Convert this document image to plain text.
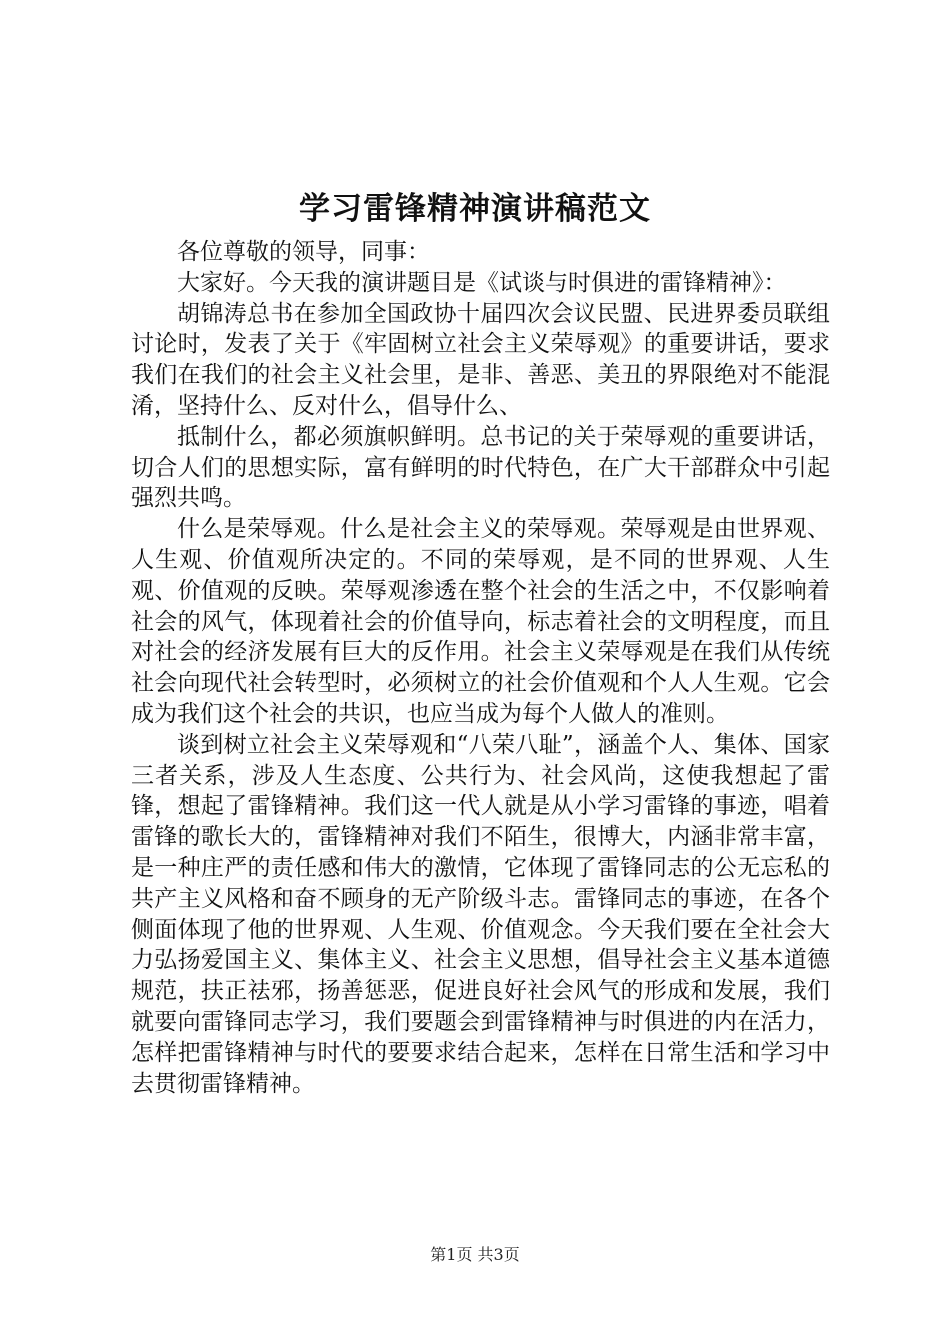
学习雷锋精神演讲稿范文

各位尊敬的领导，同事：

大家好。今天我的演讲题目是《试谈与时俱进的雷锋精神》：

胡锦涛总书在参加全国政协十届四次会议民盟、民进界委员联组讨论时，发表了关于《牢固树立社会主义荣辱观》的重要讲话，要求我们在我们的社会主义社会里，是非、善恶、美丑的界限绝对不能混淆，坚持什么、反对什么，倡导什么、

抵制什么，都必须旗帜鲜明。总书记的关于荣辱观的重要讲话，切合人们的思想实际，富有鲜明的时代特色，在广大干部群众中引起强烈共鸣。

什么是荣辱观。什么是社会主义的荣辱观。荣辱观是由世界观、人生观、价值观所决定的。不同的荣辱观，是不同的世界观、人生观、价值观的反映。荣辱观渗透在整个社会的生活之中，不仅影响着社会的风气，体现着社会的价值导向，标志着社会的文明程度，而且对社会的经济发展有巨大的反作用。社会主义荣辱观是在我们从传统社会向现代社会转型时，必须树立的社会价值观和个人人生观。它会成为我们这个社会的共识，也应当成为每个人做人的准则。

谈到树立社会主义荣辱观和“八荣八耻”，涵盖个人、集体、国家三者关系，涉及人生态度、公共行为、社会风尚，这使我想起了雷锋，想起了雷锋精神。我们这一代人就是从小学习雷锋的事迹，唱着雷锋的歌长大的，雷锋精神对我们不陌生，很博大，内涵非常丰富，是一种庄严的责任感和伟大的激情，它体现了雷锋同志的公无忘私的共产主义风格和奋不顾身的无产阶级斗志。雷锋同志的事迹，在各个侧面体现了他的世界观、人生观、价值观念。今天我们要在全社会大力弘扬爱国主义、集体主义、社会主义思想，倡导社会主义基本道德规范，扶正祛邪，扬善惩恶，促进良好社会风气的形成和发展，我们就要向雷锋同志学习，我们要题会到雷锋精神与时俱进的内在活力，怎样把雷锋精神与时代的要要求结合起来，怎样在日常生活和学习中去贯彻雷锋精神。

第1页 共3页
